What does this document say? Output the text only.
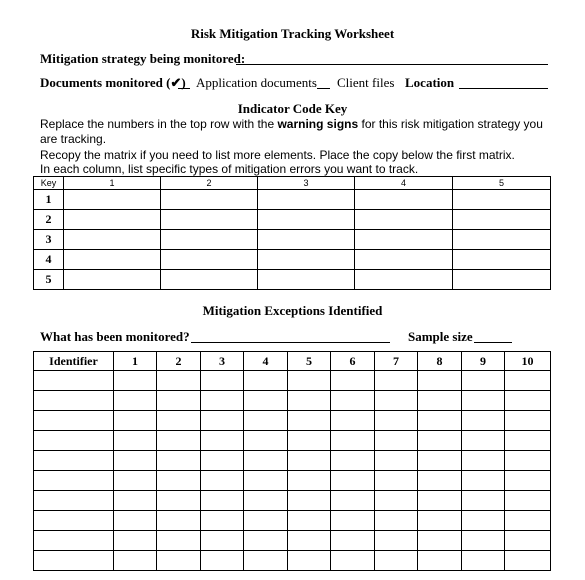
Risk Mitigation Tracking Worksheet
Mitigation strategy being monitored:
Documents monitored (✔) Application documents Client files Location
Indicator Code Key
Replace the numbers in the top row with the warning signs for this risk mitigation strategy you
are tracking.
Recopy the matrix if you need to list more elements. Place the copy below the first matrix.
In each column, list specific types of mitigation errors you want to track.
Key	1	2	3	4	5
1					
2					
3					
4					
5					
Mitigation Exceptions Identified
What has been monitored?	Sample size
Identifier	1	2	3	4	5	6	7	8	9	10
